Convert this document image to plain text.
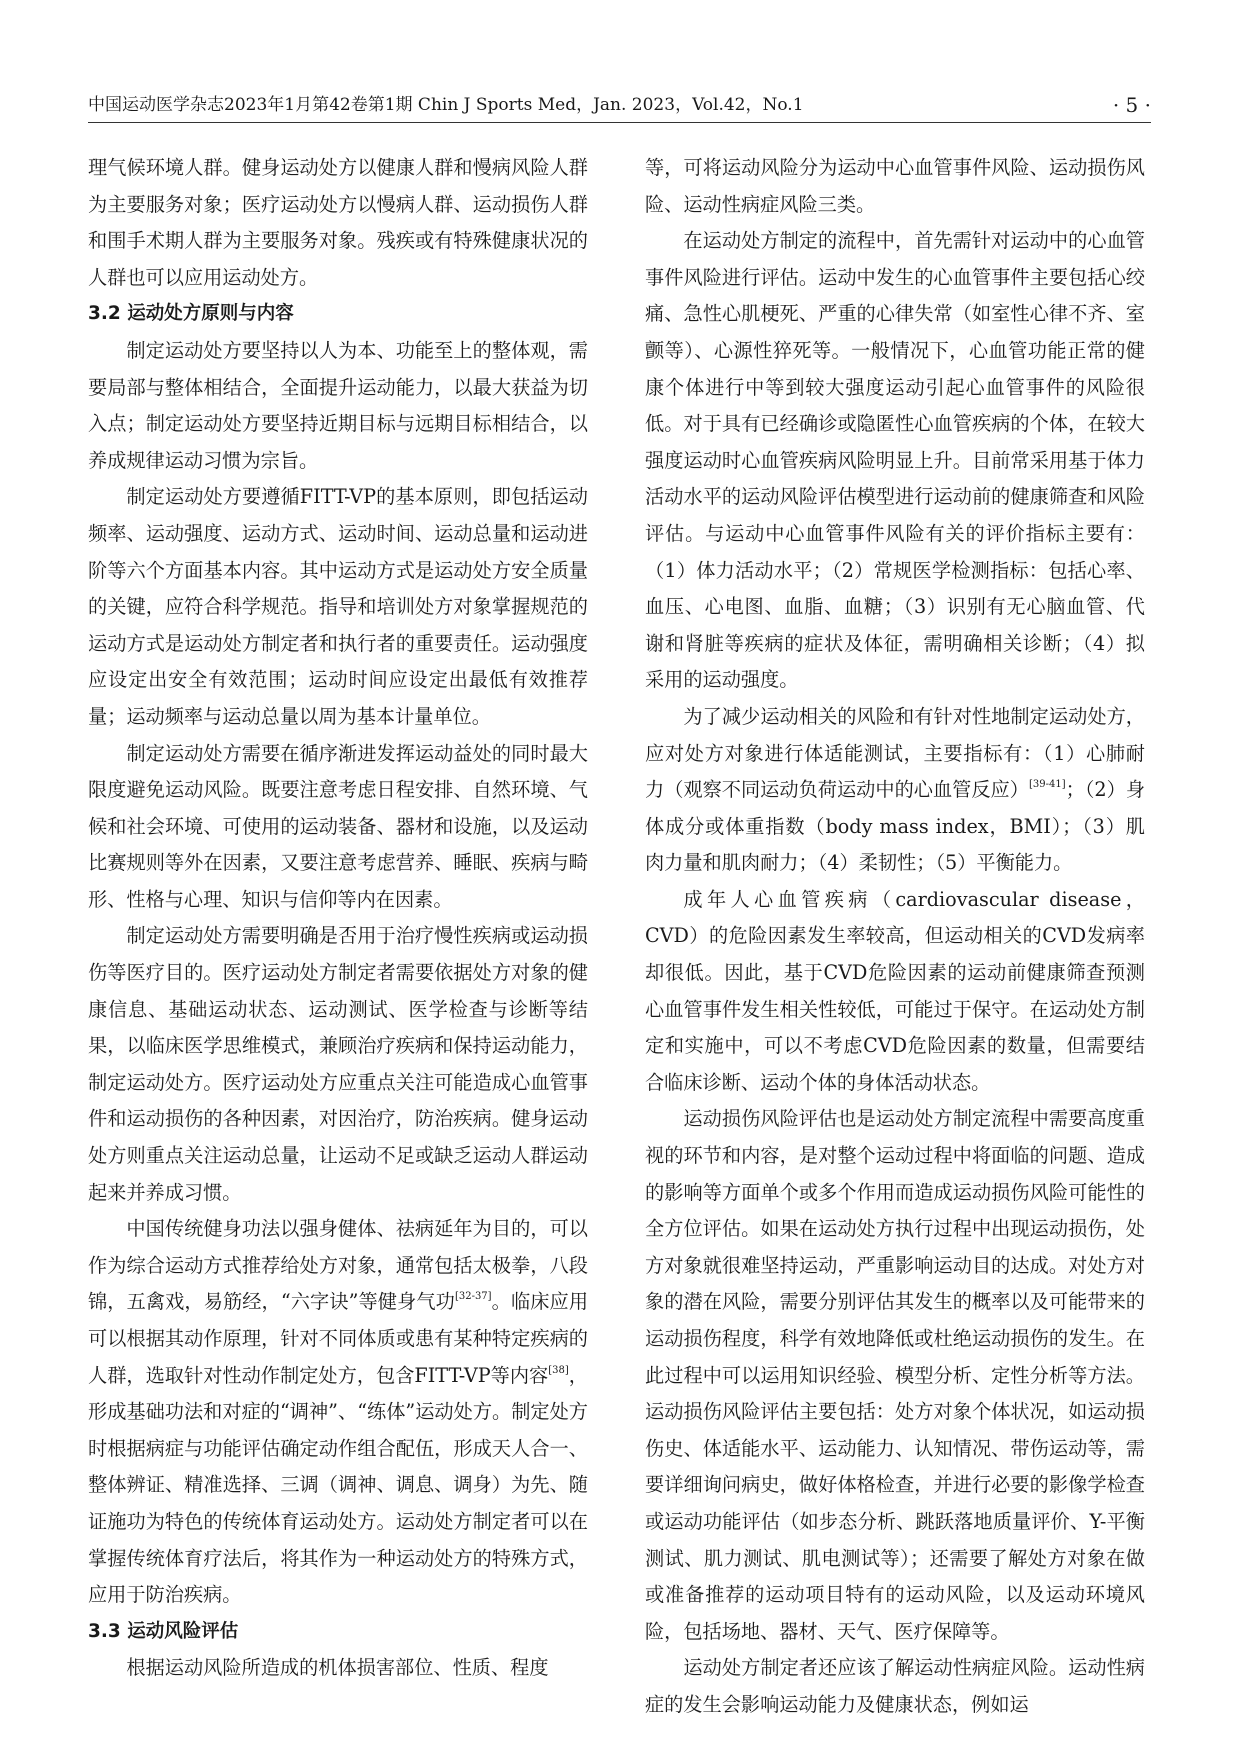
中国运动医学杂志2023年1月第42卷第1期 Chin J Sports Med，Jan. 2023，Vol.42，No.1	· 5 ·

理气候环境人群。健身运动处方以健康人群和慢病风险人群为主要服务对象；医疗运动处方以慢病人群、运动损伤人群和围手术期人群为主要服务对象。残疾或有特殊健康状况的人群也可以应用运动处方。

3.2 运动处方原则与内容

制定运动处方要坚持以人为本、功能至上的整体观，需要局部与整体相结合，全面提升运动能力，以最大获益为切入点；制定运动处方要坚持近期目标与远期目标相结合，以养成规律运动习惯为宗旨。

制定运动处方要遵循FITT-VP的基本原则，即包括运动频率、运动强度、运动方式、运动时间、运动总量和运动进阶等六个方面基本内容。其中运动方式是运动处方安全质量的关键，应符合科学规范。指导和培训处方对象掌握规范的运动方式是运动处方制定者和执行者的重要责任。运动强度应设定出安全有效范围；运动时间应设定出最低有效推荐量；运动频率与运动总量以周为基本计量单位。

制定运动处方需要在循序渐进发挥运动益处的同时最大限度避免运动风险。既要注意考虑日程安排、自然环境、气候和社会环境、可使用的运动装备、器材和设施，以及运动比赛规则等外在因素，又要注意考虑营养、睡眠、疾病与畸形、性格与心理、知识与信仰等内在因素。

制定运动处方需要明确是否用于治疗慢性疾病或运动损伤等医疗目的。医疗运动处方制定者需要依据处方对象的健康信息、基础运动状态、运动测试、医学检查与诊断等结果，以临床医学思维模式，兼顾治疗疾病和保持运动能力，制定运动处方。医疗运动处方应重点关注可能造成心血管事件和运动损伤的各种因素，对因治疗，防治疾病。健身运动处方则重点关注运动总量，让运动不足或缺乏运动人群运动起来并养成习惯。

中国传统健身功法以强身健体、祛病延年为目的，可以作为综合运动方式推荐给处方对象，通常包括太极拳，八段锦，五禽戏，易筋经，“六字诀”等健身气功[32-37]。临床应用可以根据其动作原理，针对不同体质或患有某种特定疾病的人群，选取针对性动作制定处方，包含FITT-VP等内容[38]，形成基础功法和对症的“调神”、“练体”运动处方。制定处方时根据病症与功能评估确定动作组合配伍，形成天人合一、整体辨证、精准选择、三调（调神、调息、调身）为先、随证施功为特色的传统体育运动处方。运动处方制定者可以在掌握传统体育疗法后，将其作为一种运动处方的特殊方式，应用于防治疾病。

3.3 运动风险评估

根据运动风险所造成的机体损害部位、性质、程度

等，可将运动风险分为运动中心血管事件风险、运动损伤风险、运动性病症风险三类。

在运动处方制定的流程中，首先需针对运动中的心血管事件风险进行评估。运动中发生的心血管事件主要包括心绞痛、急性心肌梗死、严重的心律失常（如室性心律不齐、室颤等）、心源性猝死等。一般情况下，心血管功能正常的健康个体进行中等到较大强度运动引起心血管事件的风险很低。对于具有已经确诊或隐匿性心血管疾病的个体，在较大强度运动时心血管疾病风险明显上升。目前常采用基于体力活动水平的运动风险评估模型进行运动前的健康筛查和风险评估。与运动中心血管事件风险有关的评价指标主要有：（1）体力活动水平；（2）常规医学检测指标：包括心率、血压、心电图、血脂、血糖；（3）识别有无心脑血管、代谢和肾脏等疾病的症状及体征，需明确相关诊断；（4）拟采用的运动强度。

为了减少运动相关的风险和有针对性地制定运动处方，应对处方对象进行体适能测试，主要指标有：（1）心肺耐力（观察不同运动负荷运动中的心血管反应）[39-41]；（2）身体成分或体重指数（body mass index，BMI）；（3）肌肉力量和肌肉耐力；（4）柔韧性；（5）平衡能力。

成年人心血管疾病（cardiovascular disease，CVD）的危险因素发生率较高，但运动相关的CVD发病率却很低。因此，基于CVD危险因素的运动前健康筛查预测心血管事件发生相关性较低，可能过于保守。在运动处方制定和实施中，可以不考虑CVD危险因素的数量，但需要结合临床诊断、运动个体的身体活动状态。

运动损伤风险评估也是运动处方制定流程中需要高度重视的环节和内容，是对整个运动过程中将面临的问题、造成的影响等方面单个或多个作用而造成运动损伤风险可能性的全方位评估。如果在运动处方执行过程中出现运动损伤，处方对象就很难坚持运动，严重影响运动目的达成。对处方对象的潜在风险，需要分别评估其发生的概率以及可能带来的运动损伤程度，科学有效地降低或杜绝运动损伤的发生。在此过程中可以运用知识经验、模型分析、定性分析等方法。运动损伤风险评估主要包括：处方对象个体状况，如运动损伤史、体适能水平、运动能力、认知情况、带伤运动等，需要详细询问病史，做好体格检查，并进行必要的影像学检查或运动功能评估（如步态分析、跳跃落地质量评价、Y-平衡测试、肌力测试、肌电测试等）；还需要了解处方对象在做或准备推荐的运动项目特有的运动风险，以及运动环境风险，包括场地、器材、天气、医疗保障等。

运动处方制定者还应该了解运动性病症风险。运动性病症的发生会影响运动能力及健康状态，例如运
